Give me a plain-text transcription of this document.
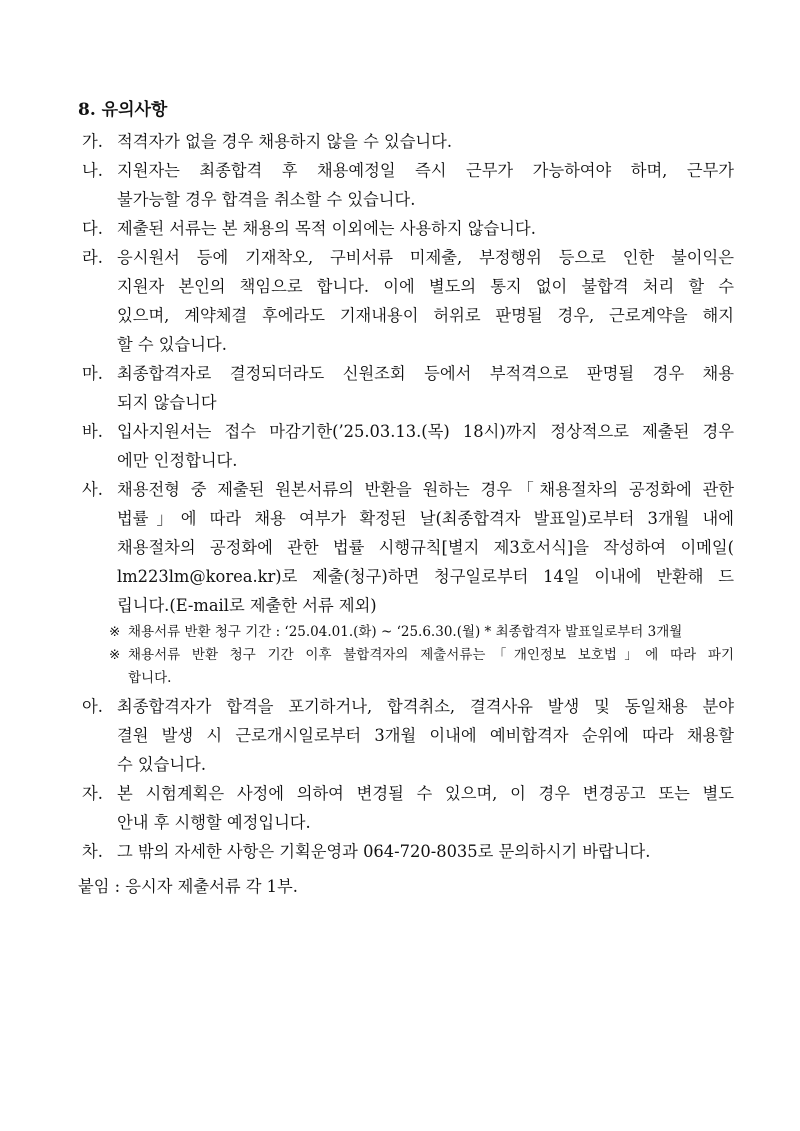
8. 유의사항
가. 적격자가 없을 경우 채용하지 않을 수 있습니다.
나. 지원자는 최종합격 후 채용예정일 즉시 근무가 가능하여야 하며, 근무가
불가능할 경우 합격을 취소할 수 있습니다.
다. 제출된 서류는 본 채용의 목적 이외에는 사용하지 않습니다.
라. 응시원서 등에 기재착오, 구비서류 미제출, 부정행위 등으로 인한 불이익은
지원자 본인의 책임으로 합니다. 이에 별도의 통지 없이 불합격 처리 할 수
있으며, 계약체결 후에라도 기재내용이 허위로 판명될 경우, 근로계약을 해지
할 수 있습니다.
마. 최종합격자로 결정되더라도 신원조회 등에서 부적격으로 판명될 경우 채용
되지 않습니다
바. 입사지원서는 접수 마감기한(’25.03.13.(목) 18시)까지 정상적으로 제출된 경우
에만 인정합니다.
사. 채용전형 중 제출된 원본서류의 반환을 원하는 경우「채용절차의 공정화에 관한
법률」에 따라 채용 여부가 확정된 날(최종합격자 발표일)로부터 3개월 내에
채용절차의 공정화에 관한 법률 시행규칙[별지 제3호서식]을 작성하여 이메일(
lm223lm@korea.kr)로 제출(청구)하면 청구일로부터 14일 이내에 반환해 드
립니다.(E-mail로 제출한 서류 제외)
※ 채용서류 반환 청구 기간 : ‘25.04.01.(화) ~ ‘25.6.30.(월) * 최종합격자 발표일로부터 3개월
※ 채용서류 반환 청구 기간 이후 불합격자의 제출서류는「개인정보 보호법」에 따라 파기
합니다.
아. 최종합격자가 합격을 포기하거나, 합격취소, 결격사유 발생 및 동일채용 분야
결원 발생 시 근로개시일로부터 3개월 이내에 예비합격자 순위에 따라 채용할
수 있습니다.
자. 본 시험계획은 사정에 의하여 변경될 수 있으며, 이 경우 변경공고 또는 별도
안내 후 시행할 예정입니다.
차. 그 밖의 자세한 사항은 기획운영과 064-720-8035로 문의하시기 바랍니다.
붙임 : 응시자 제출서류 각 1부.
